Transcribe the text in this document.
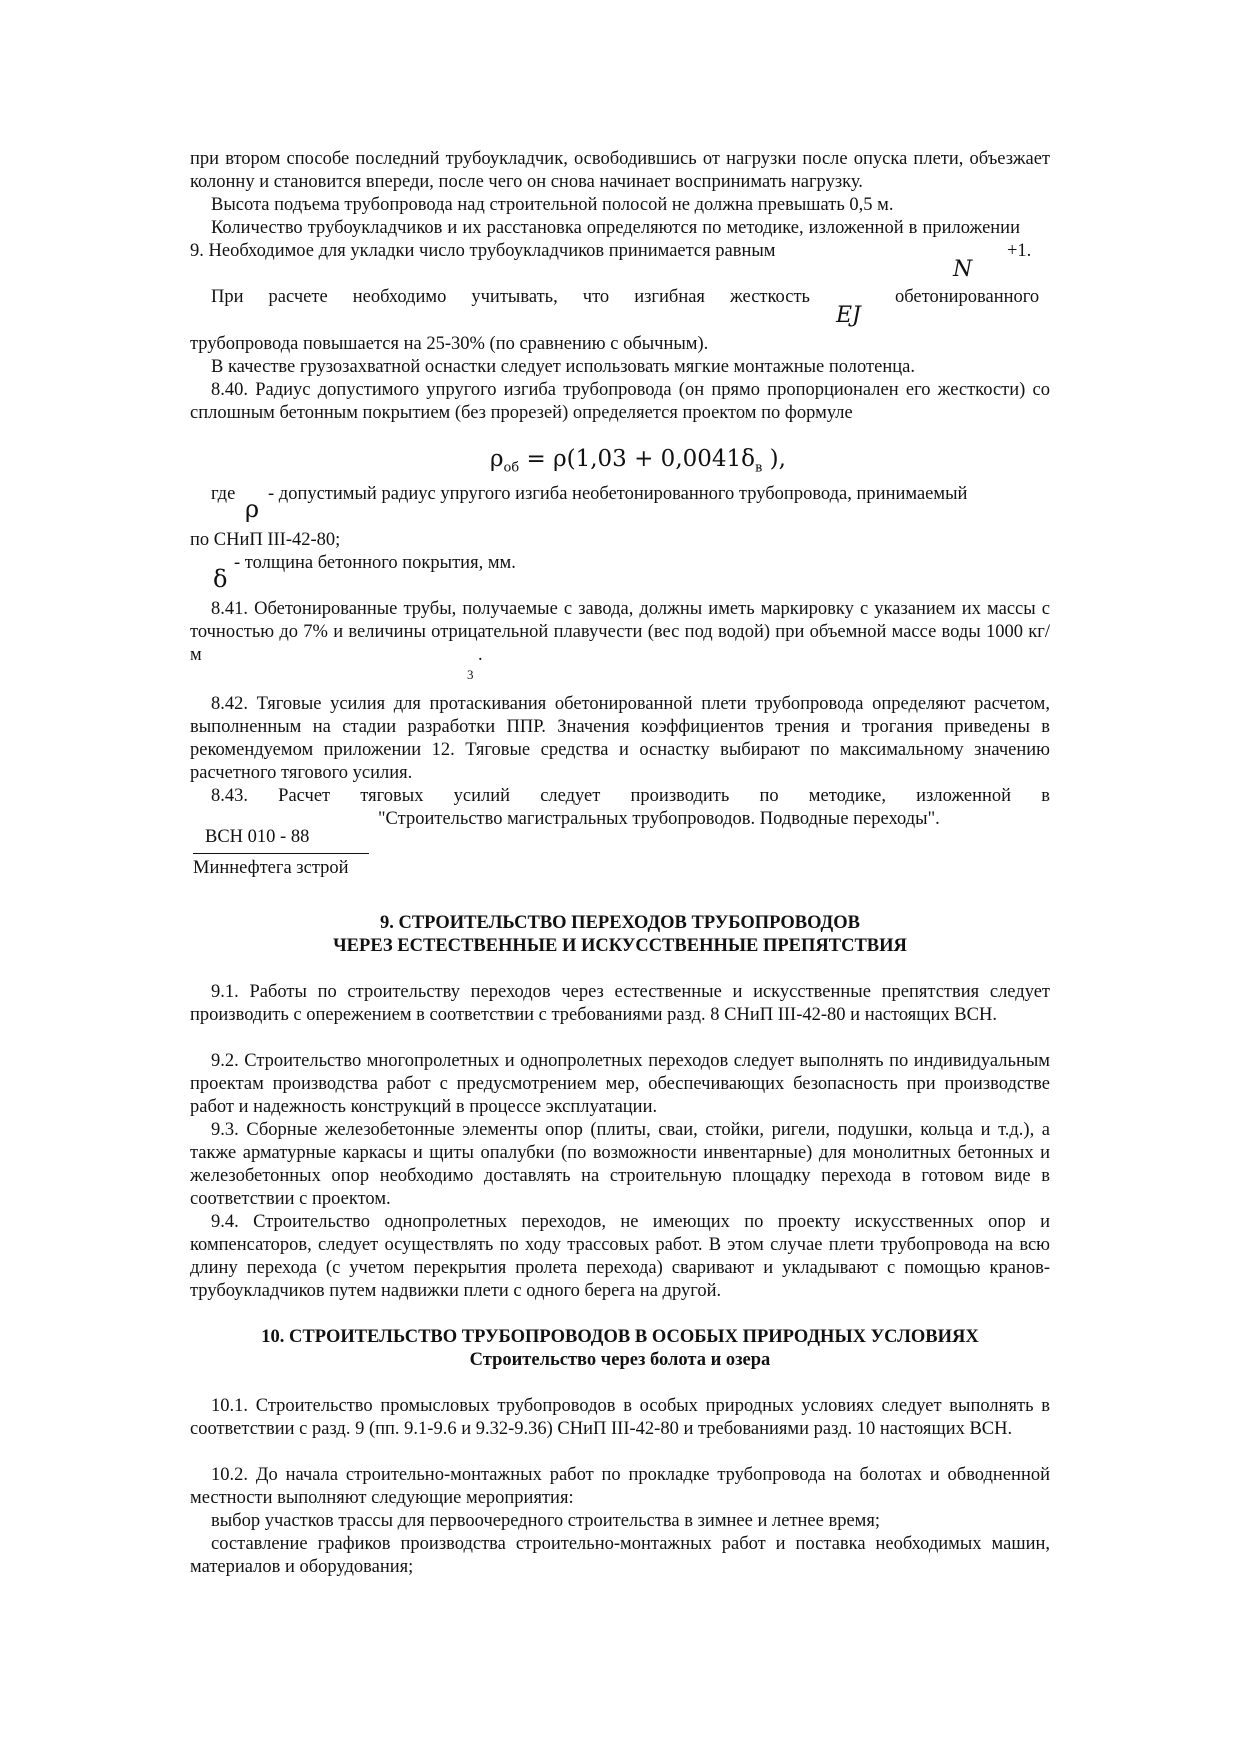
при втором способе последний трубоукладчик, освободившись от нагрузки после опуска плети, объезжает колонну и становится впереди, после чего он снова начинает воспринимать нагрузку.

Высота подъема трубопровода над строительной полосой не должна превышать 0,5 м.

Количество трубоукладчиков и их расстановка определяются по методике, изложенной в приложении 9. Необходимое для укладки число трубоукладчиков принимается равным	+1.
N

При расчете необходимо учитывать, что изгибная жесткость	обетонированного
EJ
трубопровода повышается на 25-30% (по сравнению с обычным).

В качестве грузозахватной оснастки следует использовать мягкие монтажные полотенца.

8.40. Радиус допустимого упругого изгиба трубопровода (он прямо пропорционален его жесткости) со сплошным бетонным покрытием (без прорезей) определяется проектом по формуле

$\rho_{об} = \rho(1,03 + 0,0041\delta_в$ ),
где
ρ
- допустимый радиус упругого изгиба необетонированного трубопровода, принимаемый
по СНиП III-42-80;
- толщина бетонного покрытия, мм.
δ

8.41. Обетонированные трубы, получаемые с завода, должны иметь маркировку с указанием их массы с точностью до 7% и величины отрицательной плавучести (вес под водой) при объемной массе воды 1000 кг/м

3
.

8.42. Тяговые усилия для протаскивания обетонированной плети трубопровода определяют расчетом, выполненным на стадии разработки ППР. Значения коэффициентов трения и трогания приведены в рекомендуемом приложении 12. Тяговые средства и оснастку выбирают по максимальному значению расчетного тягового усилия.

8.43. Расчет тяговых усилий следует производить по методике, изложенной в

"Строительство магистральных трубопроводов. Подводные переходы".
ВСН 010 - 88
Миннефтега зстрой

9. СТРОИТЕЛЬСТВО ПЕРЕХОДОВ ТРУБОПРОВОДОВ

ЧЕРЕЗ ЕСТЕСТВЕННЫЕ И ИСКУССТВЕННЫЕ ПРЕПЯТСТВИЯ

9.1. Работы по строительству переходов через естественные и искусственные препятствия следует производить с опережением в соответствии с требованиями разд. 8 СНиП III-42-80 и настоящих ВСН.

9.2. Строительство многопролетных и однопролетных переходов следует выполнять по индивидуальным проектам производства работ с предусмотрением мер, обеспечивающих безопасность при производстве работ и надежность конструкций в процессе эксплуатации.

9.3. Сборные железобетонные элементы опор (плиты, сваи, стойки, ригели, подушки, кольца и т.д.), а также арматурные каркасы и щиты опалубки (по возможности инвентарные) для монолитных бетонных и железобетонных опор необходимо доставлять на строительную площадку перехода в готовом виде в соответствии с проектом.

9.4. Строительство однопролетных переходов, не имеющих по проекту искусственных опор и компенсаторов, следует осуществлять по ходу трассовых работ. В этом случае плети трубопровода на всю длину перехода (с учетом перекрытия пролета перехода) сваривают и укладывают с помощью кранов-трубоукладчиков путем надвижки плети с одного берега на другой.

10. СТРОИТЕЛЬСТВО ТРУБОПРОВОДОВ В ОСОБЫХ ПРИРОДНЫХ УСЛОВИЯХ

Строительство через болота и озера

10.1. Строительство промысловых трубопроводов в особых природных условиях следует выполнять в соответствии с разд. 9 (пп. 9.1-9.6 и 9.32-9.36) СНиП III-42-80 и требованиями разд. 10 настоящих ВСН.

10.2. До начала строительно-монтажных работ по прокладке трубопровода на болотах и обводненной местности выполняют следующие мероприятия:

выбор участков трассы для первоочередного строительства в зимнее и летнее время;

составление графиков производства строительно-монтажных работ и поставка необходимых машин, материалов и оборудования;
